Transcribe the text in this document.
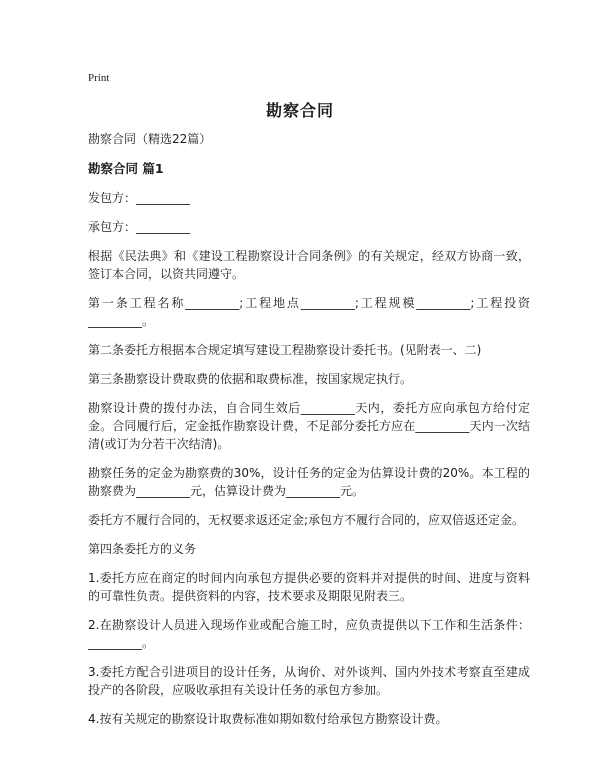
Print
勘察合同

勘察合同（精选22篇）

勘察合同 篇1

发包方：_________

承包方：_________

根据《民法典》和《建设工程勘察设计合同条例》的有关规定，经双方协商一致，签订本合同，以资共同遵守。

第一条工程名称_________;工程地点_________;工程规模_________;工程投资_________。

第二条委托方根据本合规定填写建设工程勘察设计委托书。(见附表一、二)

第三条勘察设计费取费的依据和取费标准，按国家规定执行。

勘察设计费的拨付办法，自合同生效后_________天内，委托方应向承包方给付定金。合同履行后，定金抵作勘察设计费，不足部分委托方应在_________天内一次结清(或订为分若干次结清)。

勘察任务的定金为勘察费的30%，设计任务的定金为估算设计费的20%。本工程的勘察费为_________元，估算设计费为_________元。

委托方不履行合同的，无权要求返还定金;承包方不履行合同的，应双倍返还定金。

第四条委托方的义务

1.委托方应在商定的时间内向承包方提供必要的资料并对提供的时间、进度与资料的可靠性负责。提供资料的内容，技术要求及期限见附表三。

2.在勘察设计人员进入现场作业或配合施工时，应负责提供以下工作和生活条件：_________。

3.委托方配合引进项目的设计任务，从询价、对外谈判、国内外技术考察直至建成投产的各阶段，应吸收承担有关设计任务的承包方参加。

4.按有关规定的勘察设计取费标准如期如数付给承包方勘察设计费。
